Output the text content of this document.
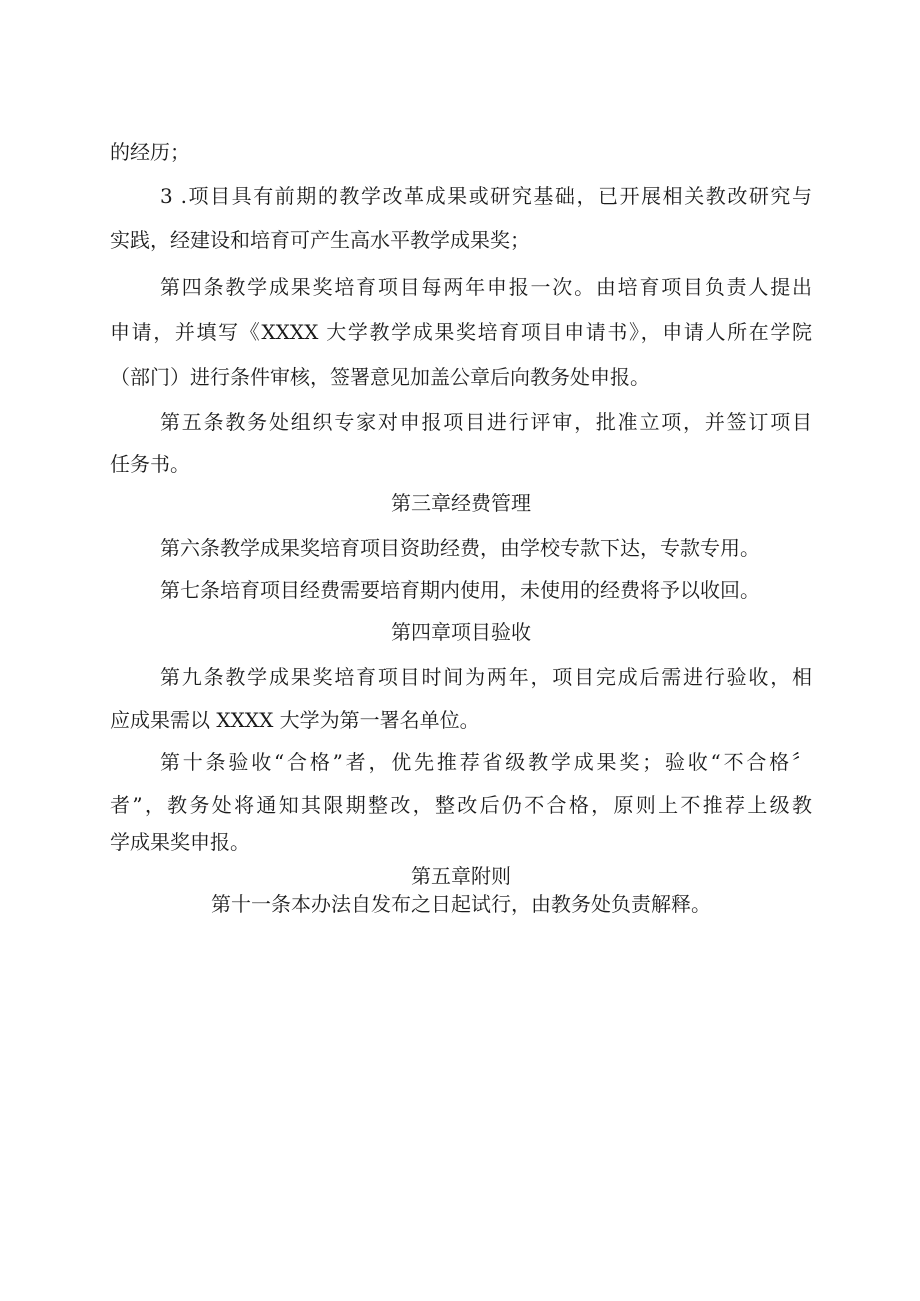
的经历；

3 .项目具有前期的教学改革成果或研究基础，已开展相关教改研究与

实践，经建设和培育可产生高水平教学成果奖；

第四条教学成果奖培育项目每两年申报一次。由培育项目负责人提出

申请，并填写《XXXX 大学教学成果奖培育项目申请书》，申请人所在学院

（部门）进行条件审核，签署意见加盖公章后向教务处申报。

第五条教务处组织专家对申报项目进行评审，批准立项，并签订项目

任务书。

第三章经费管理

第六条教学成果奖培育项目资助经费，由学校专款下达，专款专用。

第七条培育项目经费需要培育期内使用，未使用的经费将予以收回。

第四章项目验收

第九条教学成果奖培育项目时间为两年，项目完成后需进行验收，相

应成果需以 XXXX 大学为第一署名单位。

第十条验收“合格”者，优先推荐省级教学成果奖；验收“不合格〞

者”，教务处将通知其限期整改，整改后仍不合格，原则上不推荐上级教

学成果奖申报。

第五章附则

第十一条本办法自发布之日起试行，由教务处负责解释。
